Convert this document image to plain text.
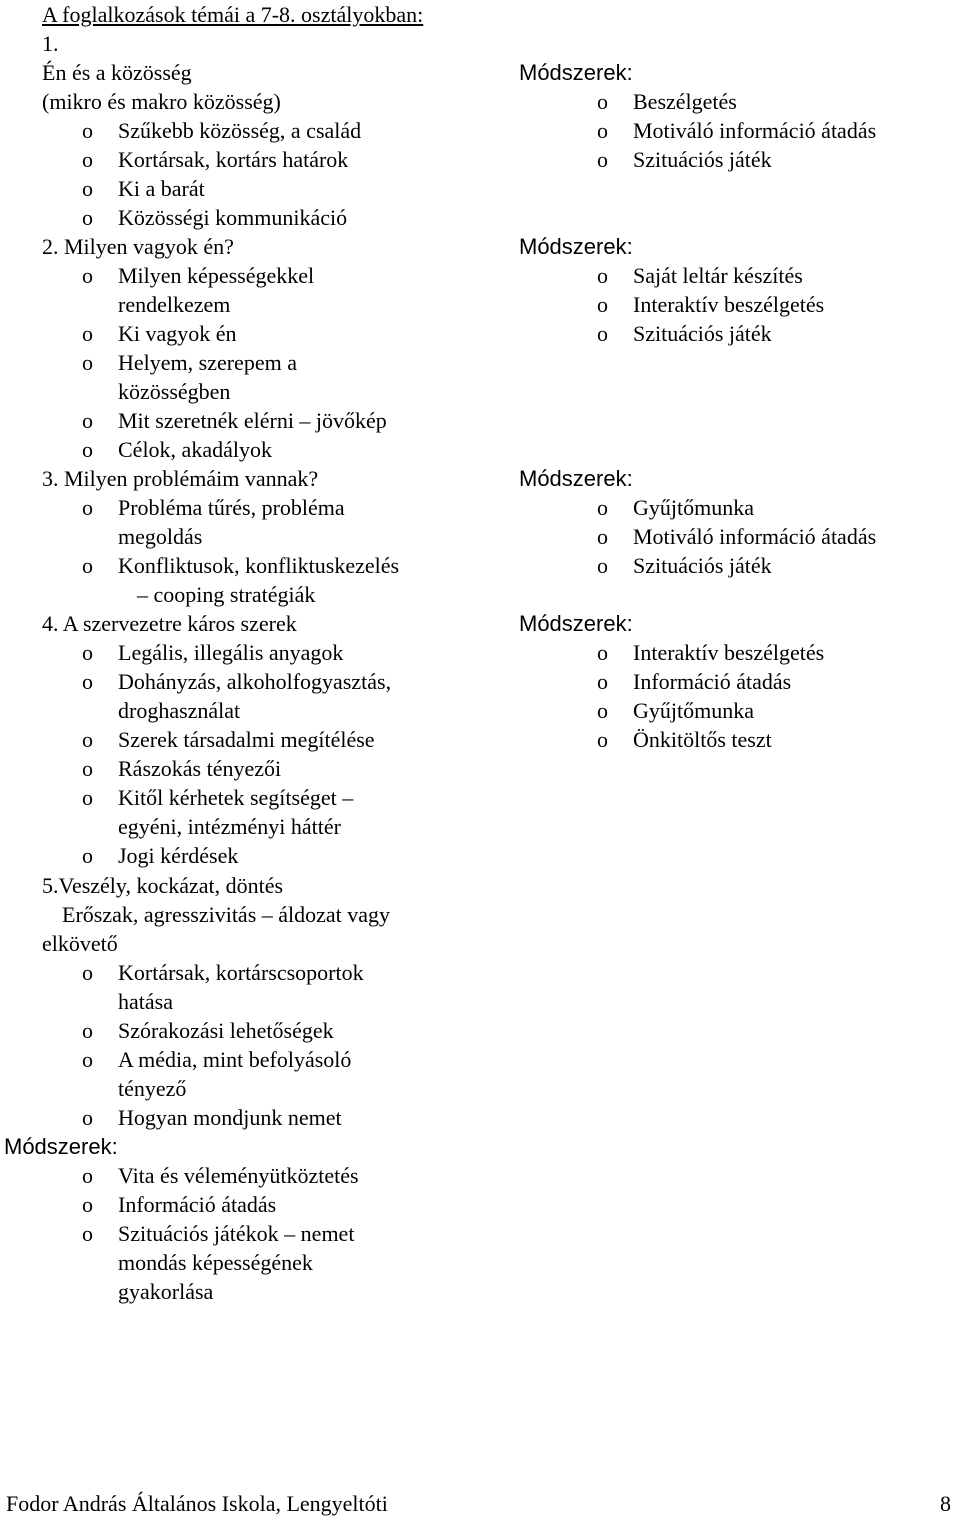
1.
Én és a közösség
(mikro és makro közösség)
o Szűkebb közösség, a család
o Kortársak, kortárs határok
o Ki a barát
o Közösségi kommunikáció
2. Milyen vagyok én?
o Milyen képességekkel
rendelkezem
o Ki vagyok én
o Helyem, szerepem a
közösségben
o Mit szeretnék elérni – jövőkép
o Célok, akadályok
3. Milyen problémáim vannak?
o Probléma tűrés, probléma
megoldás
o Konfliktusok, konfliktuskezelés
– cooping stratégiák
4. A szervezetre káros szerek
o Legális, illegális anyagok
o Dohányzás, alkoholfogyasztás,
droghasználat
o Szerek társadalmi megítélése
o Rászokás tényezői
o Kitől kérhetek segítséget –
egyéni, intézményi háttér
o Jogi kérdések
5.Veszély, kockázat, döntés
Erőszak, agresszivitás – áldozat vagy
elkövető
o Kortársak, kortárscsoportok
hatása
o Szórakozási lehetőségek
o A média, mint befolyásoló
tényező
o Hogyan mondjunk nemet
Módszerek:
o Vita és véleményütköztetés
o Információ átadás
o Szituációs játékok – nemet
mondás képességének
gyakorlása
Módszerek:
o Beszélgetés
o Motiváló információ átadás
o Szituációs játék
Módszerek:
o Saját leltár készítés
o Interaktív beszélgetés
o Szituációs játék
Módszerek:
o Gyűjtőmunka
o Motiváló információ átadás
o Szituációs játék
Módszerek:
o Interaktív beszélgetés
o Információ átadás
o Gyűjtőmunka
o Önkitöltős teszt
A foglalkozások témái a 7-8. osztályokban:
Fodor András Általános Iskola, Lengyeltóti	8
